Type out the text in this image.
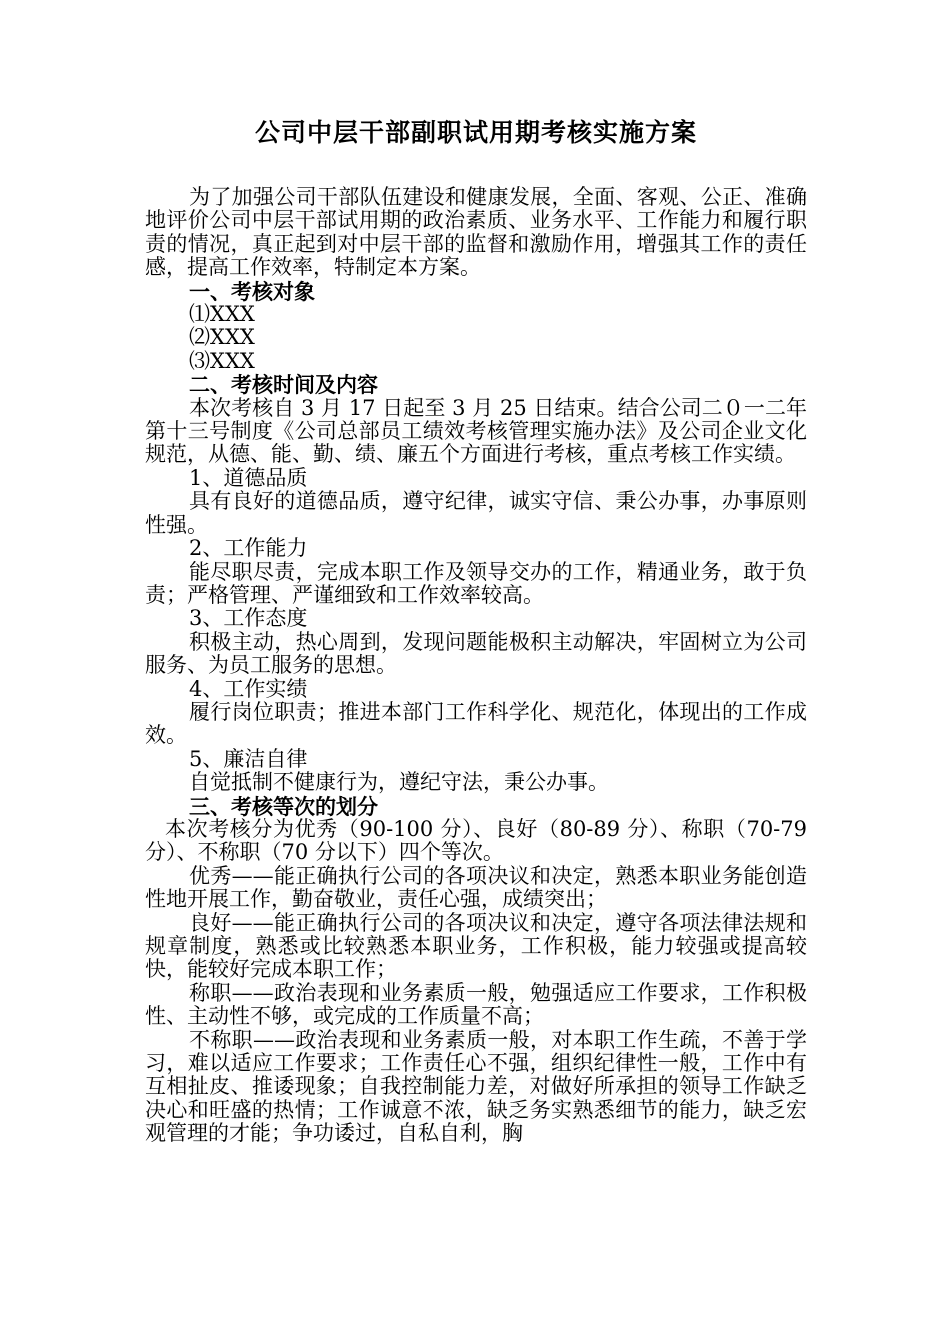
公司中层干部副职试用期考核实施方案

为了加强公司干部队伍建设和健康发展，全面、客观、公正、准确地评价公司中层干部试用期的政治素质、业务水平、工作能力和履行职责的情况，真正起到对中层干部的监督和激励作用，增强其工作的责任感，提高工作效率，特制定本方案。

一、考核对象

⑴XXX

⑵XXX

⑶XXX

二、考核时间及内容

本次考核自 3 月 17 日起至 3 月 25 日结束。结合公司二０一二年第十三号制度《公司总部员工绩效考核管理实施办法》及公司企业文化规范，从德、能、勤、绩、廉五个方面进行考核，重点考核工作实绩。

1、道德品质

具有良好的道德品质，遵守纪律，诚实守信、秉公办事，办事原则性强。

2、工作能力

能尽职尽责，完成本职工作及领导交办的工作，精通业务，敢于负责；严格管理、严谨细致和工作效率较高。

3、工作态度

积极主动，热心周到，发现问题能极积主动解决，牢固树立为公司服务、为员工服务的思想。

4、工作实绩

履行岗位职责；推进本部门工作科学化、规范化，体现出的工作成效。

5、廉洁自律

自觉抵制不健康行为，遵纪守法，秉公办事。

三、考核等次的划分

本次考核分为优秀（90-100 分）、良好（80-89 分）、称职（70-79 分）、不称职（70 分以下）四个等次。

优秀——能正确执行公司的各项决议和决定，熟悉本职业务能创造性地开展工作，勤奋敬业，责任心强，成绩突出；

良好——能正确执行公司的各项决议和决定，遵守各项法律法规和规章制度，熟悉或比较熟悉本职业务，工作积极，能力较强或提高较快，能较好完成本职工作；

称职——政治表现和业务素质一般，勉强适应工作要求，工作积极性、主动性不够，或完成的工作质量不高；

不称职——政治表现和业务素质一般，对本职工作生疏，不善于学习，难以适应工作要求；工作责任心不强，组织纪律性一般，工作中有互相扯皮、推诿现象；自我控制能力差，对做好所承担的领导工作缺乏决心和旺盛的热情；工作诚意不浓，缺乏务实熟悉细节的能力，缺乏宏观管理的才能；争功诿过，自私自利，胸
